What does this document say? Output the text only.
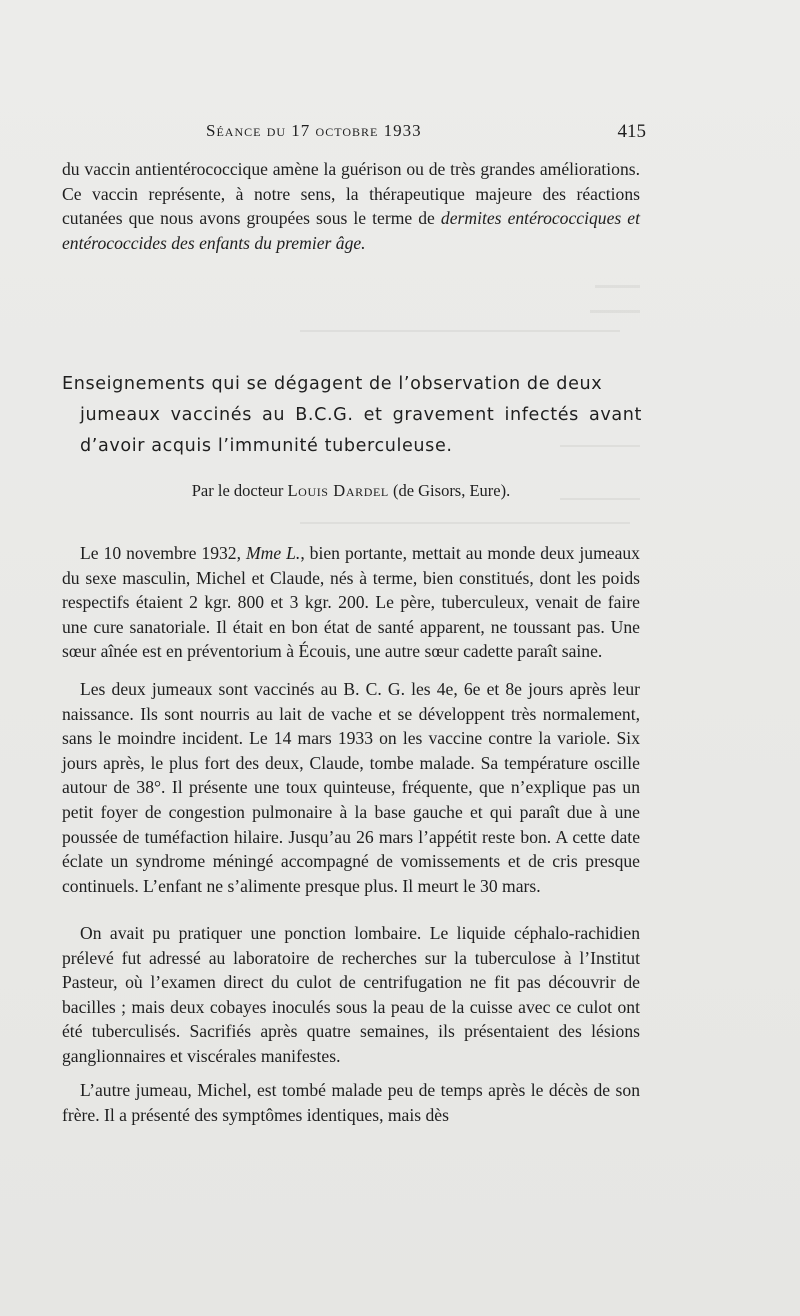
Séance du 17 octobre 1933	415

du vaccin antientérococcique amène la guérison ou de très grandes améliorations. Ce vaccin représente, à notre sens, la thérapeutique majeure des réactions cutanées que nous avons groupées sous le terme de dermites entérococciques et entérococcides des enfants du premier âge.

Enseignements qui se dégagent de l’observation de deux
jumeaux vaccinés au B.C.G. et gravement infectés avant d’avoir acquis l’immunité tuberculeuse.

Par le docteur Louis Dardel (de Gisors, Eure).

Le 10 novembre 1932, Mme L., bien portante, mettait au monde deux jumeaux du sexe masculin, Michel et Claude, nés à terme, bien constitués, dont les poids respectifs étaient 2 kgr. 800 et 3 kgr. 200. Le père, tuberculeux, venait de faire une cure sanatoriale. Il était en bon état de santé apparent, ne toussant pas. Une sœur aînée est en préventorium à Écouis, une autre sœur cadette paraît saine.

Les deux jumeaux sont vaccinés au B. C. G. les 4e, 6e et 8e jours après leur naissance. Ils sont nourris au lait de vache et se développent très normalement, sans le moindre incident. Le 14 mars 1933 on les vaccine contre la variole. Six jours après, le plus fort des deux, Claude, tombe malade. Sa température oscille autour de 38°. Il présente une toux quinteuse, fréquente, que n’explique pas un petit foyer de congestion pulmonaire à la base gauche et qui paraît due à une poussée de tuméfaction hilaire. Jusqu’au 26 mars l’appétit reste bon. A cette date éclate un syndrome méningé accompagné de vomissements et de cris presque continuels. L’enfant ne s’alimente presque plus. Il meurt le 30 mars.

On avait pu pratiquer une ponction lombaire. Le liquide céphalo-rachidien prélevé fut adressé au laboratoire de recherches sur la tuberculose à l’Institut Pasteur, où l’examen direct du culot de centrifugation ne fit pas découvrir de bacilles ; mais deux cobayes inoculés sous la peau de la cuisse avec ce culot ont été tuberculisés. Sacrifiés après quatre semaines, ils présentaient des lésions ganglionnaires et viscérales manifestes.

L’autre jumeau, Michel, est tombé malade peu de temps après le décès de son frère. Il a présenté des symptômes identiques, mais dès
